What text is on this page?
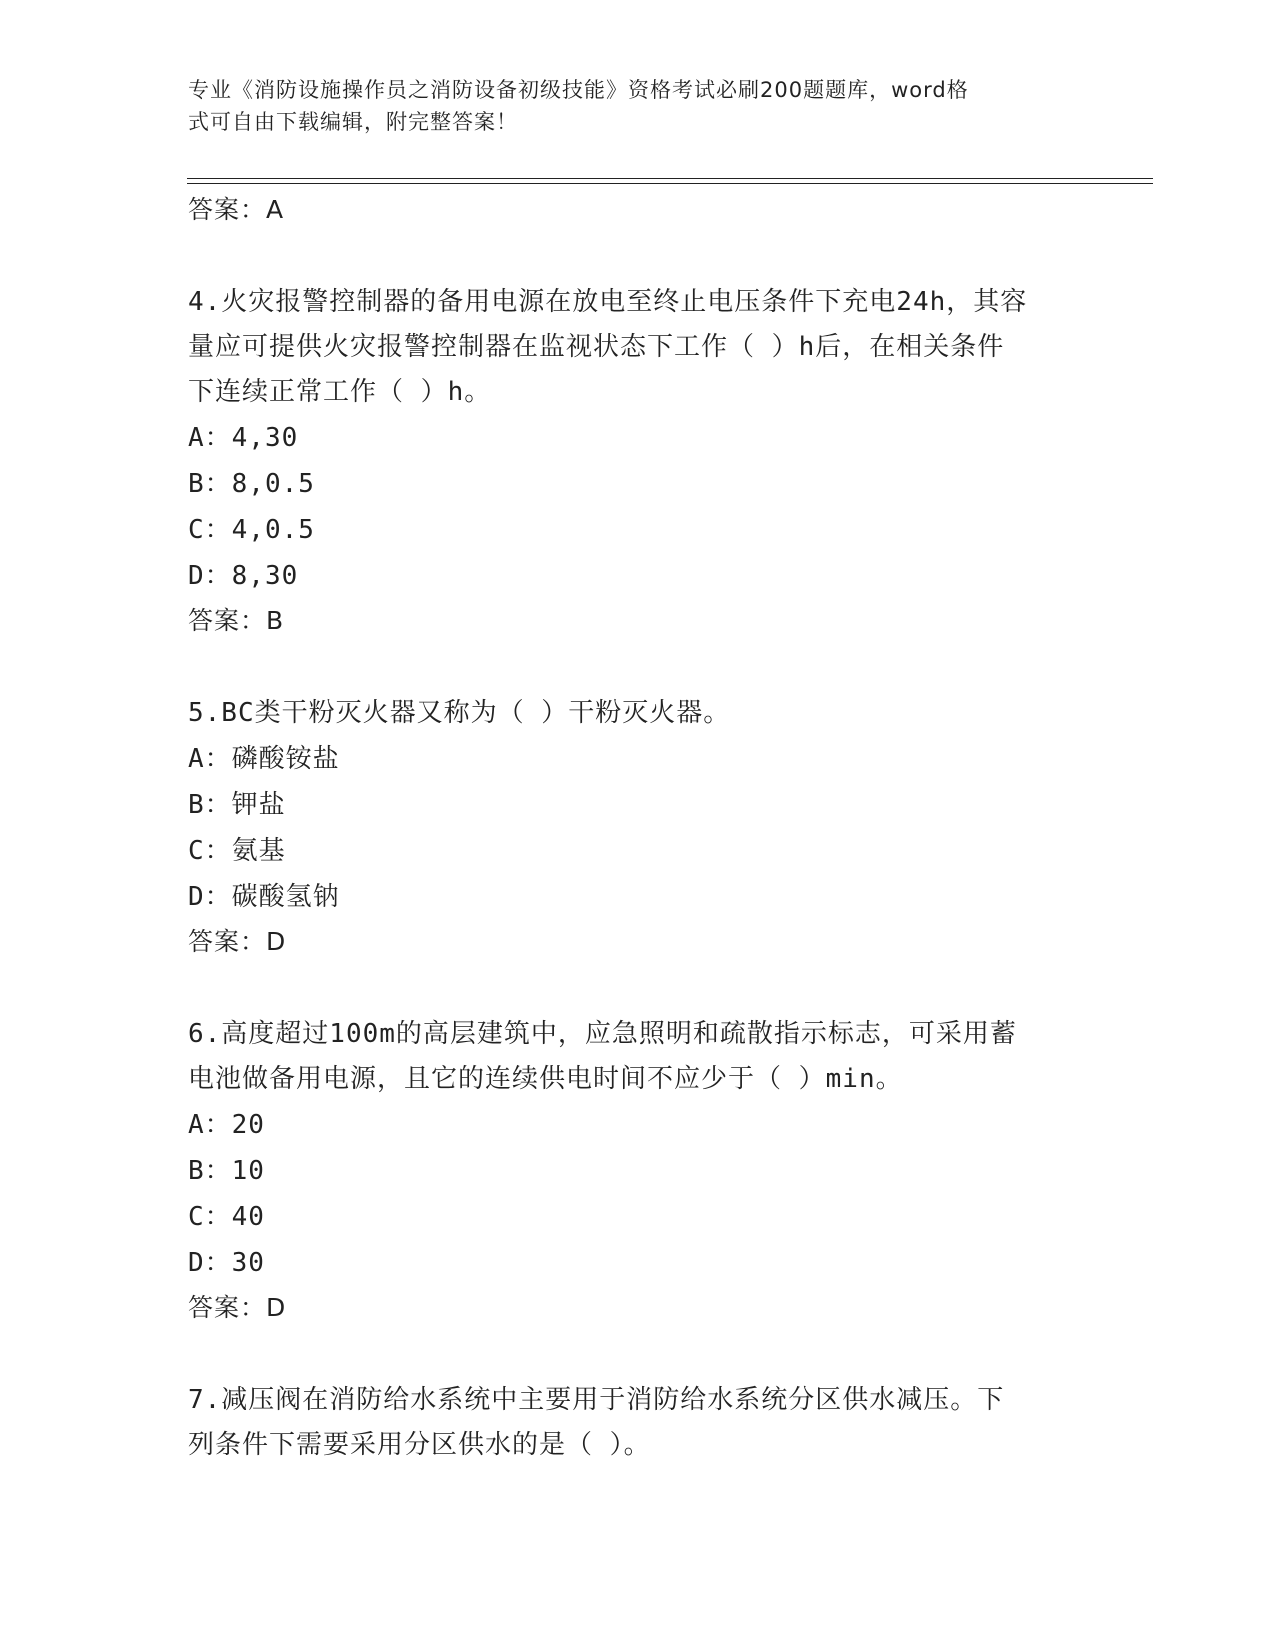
专业《消防设施操作员之消防设备初级技能》资格考试必刷200题题库，word格
式可自由下载编辑，附完整答案！
答案：A
4.火灾报警控制器的备用电源在放电至终止电压条件下充电24h，其容
量应可提供火灾报警控制器在监视状态下工作（ ）h后，在相关条件
下连续正常工作（ ）h。
A：4,30
B：8,0.5
C：4,0.5
D：8,30
答案：B
5.BC类干粉灭火器又称为（ ）干粉灭火器。
A：磷酸铵盐
B：钾盐
C：氨基
D：碳酸氢钠
答案：D
6.高度超过100m的高层建筑中，应急照明和疏散指示标志，可采用蓄
电池做备用电源，且它的连续供电时间不应少于（ ）min。
A：20
B：10
C：40
D：30
答案：D
7.减压阀在消防给水系统中主要用于消防给水系统分区供水减压。下
列条件下需要采用分区供水的是（ ）。
